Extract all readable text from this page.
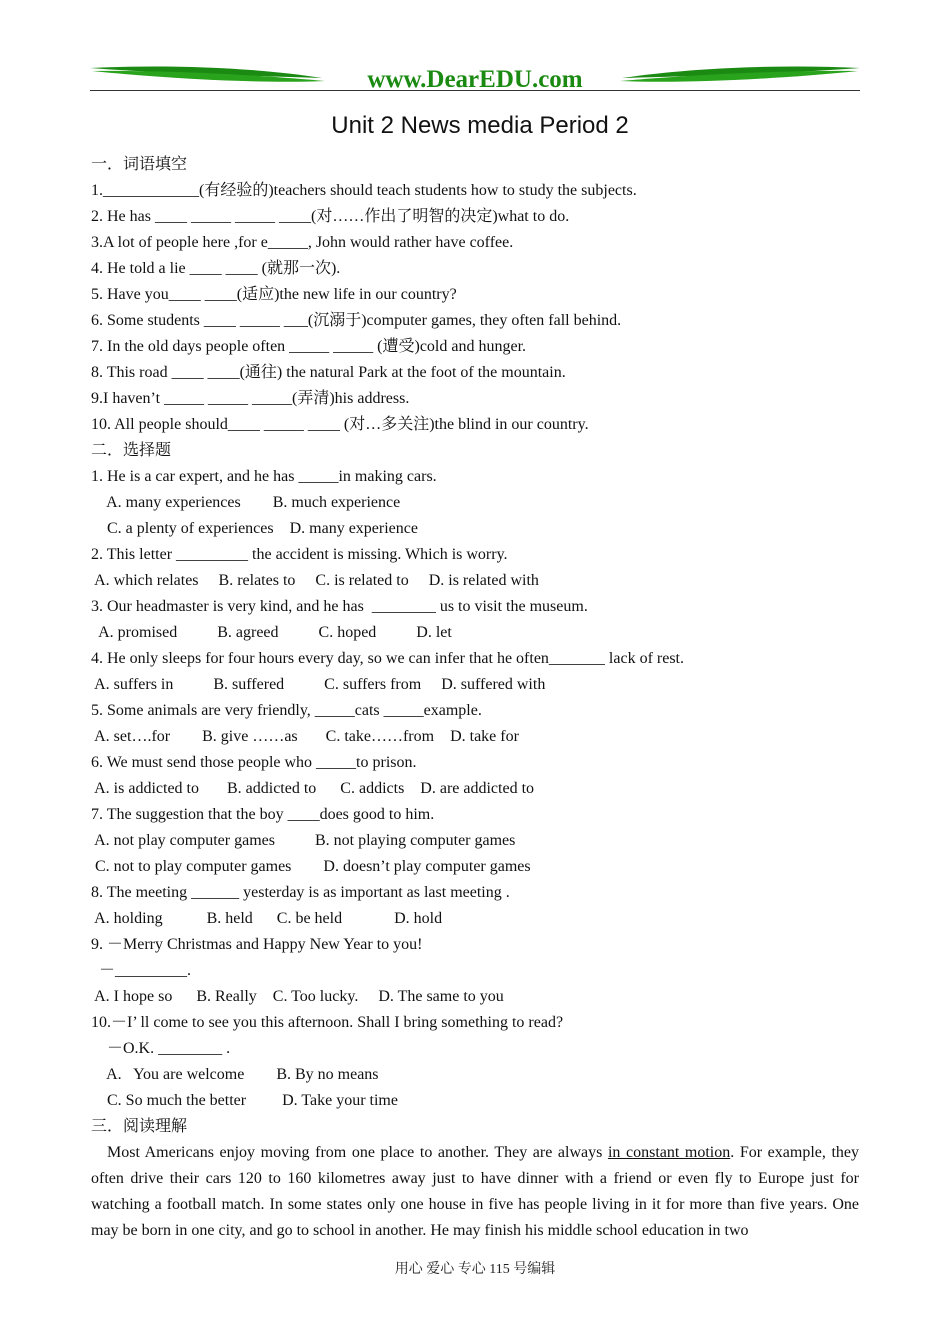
www.DearEDU.com
Unit 2 News media Period 2
一．词语填空
1.____________(有经验的)teachers should teach students how to study the subjects.
2. He has ____ _____ _____ ____(对……作出了明智的决定)what to do.
3.A lot of people here ,for e_____, John would rather have coffee.
4. He told a lie ____ ____ (就那一次).
5. Have you____ ____(适应)the new life in our country?
6. Some students ____ _____ ___(沉溺于)computer games, they often fall behind.
7. In the old days people often _____ _____ (遭受)cold and hunger.
8. This road ____ ____(通往) the natural Park at the foot of the mountain.
9.I haven’t _____ _____ _____(弄清)his address.
10. All people should____ _____ ____ (对…多关注)the blind in our country.
二．选择题
1. He is a car expert, and he has _____in making cars.
A. many experiences        B. much experience
C. a plenty of experiences    D. many experience
2. This letter _________ the accident is missing. Which is worry.
A. which relates     B. relates to     C. is related to     D. is related with
3. Our headmaster is very kind, and he has  ________ us to visit the museum.
A. promised          B. agreed          C. hoped          D. let
4. He only sleeps for four hours every day, so we can infer that he often_______ lack of rest.
A. suffers in          B. suffered          C. suffers from     D. suffered with
5. Some animals are very friendly, _____cats _____example.
A. set….for        B. give ……as       C. take……from    D. take for
6. We must send those people who _____to prison.
A. is addicted to       B. addicted to      C. addicts    D. are addicted to
7. The suggestion that the boy ____does good to him.
A. not play computer games          B. not playing computer games
C. not to play computer games        D. doesn’t play computer games
8. The meeting ______ yesterday is as important as last meeting .
A. holding           B. held      C. be held             D. hold
9. －Merry Christmas and Happy New Year to you!
－_________.
A. I hope so      B. Really    C. Too lucky.     D. The same to you
10.－I’ ll come to see you this afternoon. Shall I bring something to read?
－O.K. ________ .
A.   You are welcome        B. By no means
C. So much the better         D. Take your time
三．阅读理解
Most Americans enjoy moving from one place to another. They are always in constant motion. For example, they often drive their cars 120 to 160 kilometres away just to have dinner with a friend or even fly to Europe just for watching a football match. In some states only one house in five has people living in it for more than five years. One may be born in one city, and go to school in another. He may finish his middle school education in two
用心 爱心 专心 115 号编辑
